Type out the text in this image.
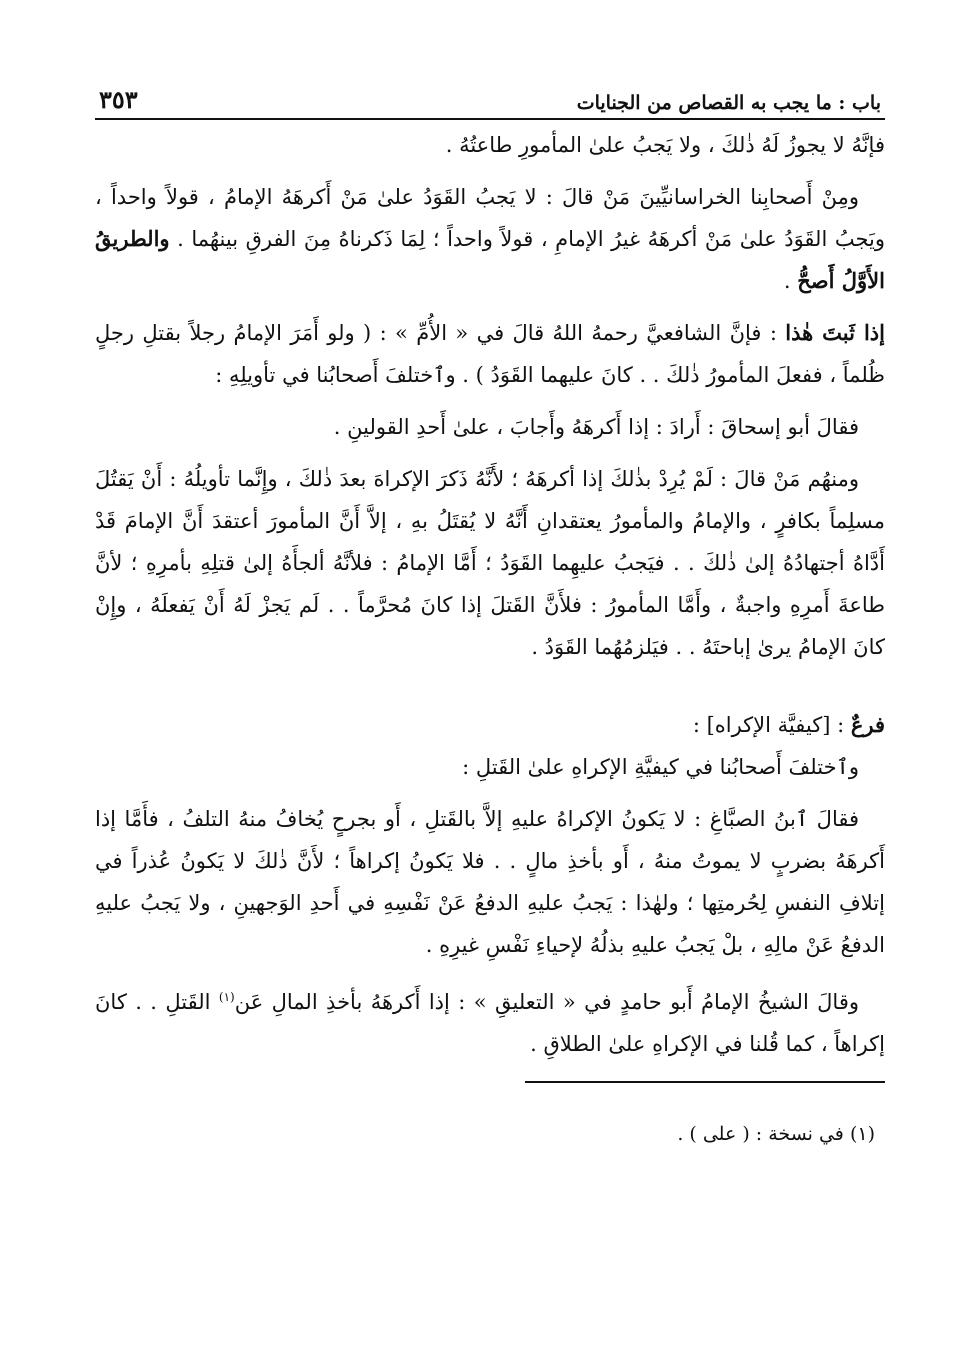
باب : ما يجب به القصاص من الجنايات
٣٥٣

فإنَّهُ لا يجوزُ لَهُ ذٰلكَ ، ولا يَجبُ علىٰ المأمورِ طاعتُهُ .

ومِنْ أَصحابِنا الخراسانيِّينَ مَنْ قالَ : لا يَجبُ القَوَدُ علىٰ مَنْ أَكرهَهُ الإمامُ ، قولاً واحداً ، ويَجبُ القَوَدُ علىٰ مَنْ أكرهَهُ غيرُ الإمامِ ، قولاً واحداً ؛ لِمَا ذَكرناهُ مِنَ الفرقِ بينهُما . والطريقُ الأَوَّلُ أَصحُّ .

إذا ثَبتَ هٰذا : فإنَّ الشافعيَّ رحمهُ اللهُ قالَ في « الأُمِّ » : ( ولو أَمَرَ الإمامُ رجلاً بقتلِ رجلٍ ظُلماً ، ففعلَ المأمورُ ذٰلكَ . . كانَ عليهما القَوَدُ ) . وٱختلفَ أَصحابُنا في تأويلِهِ :

فقالَ أبو إسحاقَ : أَرادَ : إذا أَكرهَهُ وأَجابَ ، علىٰ أَحدِ القولينِ .

ومنهُم مَنْ قالَ : لَمْ يُرِدْ بذٰلكَ إذا أكرهَهُ ؛ لأَنَّهُ ذَكرَ الإكراهَ بعدَ ذٰلكَ ، وإِنَّما تأويلُهُ : أَنْ يَقتُلَ مسلِماً بكافرٍ ، والإمامُ والمأمورُ يعتقدانِ أَنَّهُ لا يُقتَلُ بهِ ، إلاَّ أَنَّ المأمورَ أعتقدَ أَنَّ الإمامَ قَدْ أَدَّاهُ أجتهادُهُ إلىٰ ذٰلكَ . . فيَجبُ عليهِما القَوَدُ ؛ أَمَّا الإمامُ : فلأنَّهُ ألجأَهُ إلىٰ قتلِهِ بأمرِهِ ؛ لأنَّ طاعةَ أَمرِهِ واجبةٌ ، وأَمَّا المأمورُ : فلأَنَّ القَتلَ إذا كانَ مُحرَّماً . . لَم يَجزْ لَهُ أَنْ يَفعلَهُ ، وإِنْ كانَ الإمامُ يرىٰ إباحتَهُ . . فيَلزمُهُما القَوَدُ .

فرعٌ : [كيفيَّة الإكراه] :

وٱختلفَ أَصحابُنا في كيفيَّةِ الإكراهِ علىٰ القَتلِ :

فقالَ ٱبنُ الصبَّاغِ : لا يَكونُ الإكراهُ عليهِ إلاَّ بالقَتلِ ، أَو بجرحٍ يُخافُ منهُ التلفُ ، فأَمَّا إذا أَكرهَهُ بضربٍ لا يموتُ منهُ ، أَو بأخذِ مالٍ . . فلا يَكونُ إكراهاً ؛ لأَنَّ ذٰلكَ لا يَكونُ عُذراً في إتلافِ النفسِ لِحُرمتِها ؛ ولهٰذا : يَجبُ عليهِ الدفعُ عَنْ نَفْسِهِ في أَحدِ الوَجهينِ ، ولا يَجبُ عليهِ الدفعُ عَنْ مالِهِ ، بلْ يَجبُ عليهِ بذلُهُ لإحياءِ نَفْسِ غيرِهِ .

وقالَ الشيخُ الإمامُ أَبو حامدٍ في « التعليقِ » : إذا أَكرهَهُ بأخذِ المالِ عَن$^{(١)}$ القَتلِ . . كانَ إكراهاً ، كما قُلنا في الإكراهِ علىٰ الطلاقِ .

(١) في نسخة : ( على ) .
